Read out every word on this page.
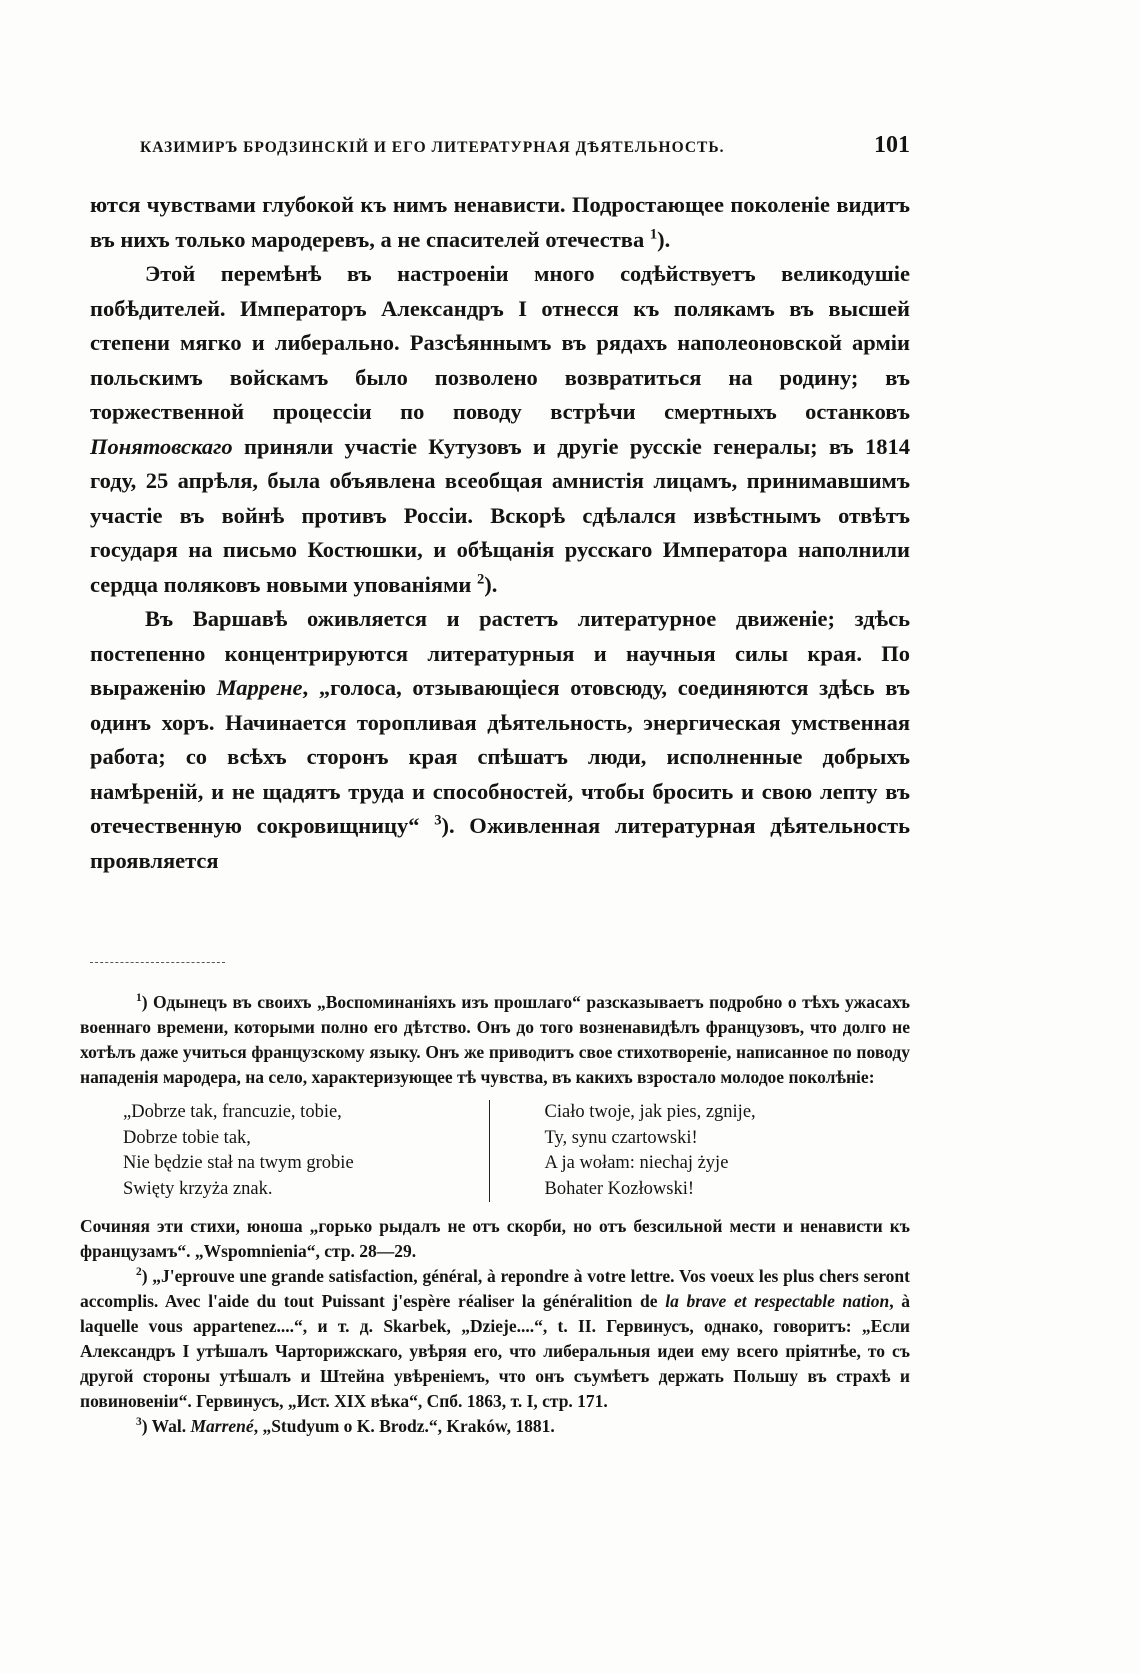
КАЗИМИРЪ БРОДЗИНСКІЙ И ЕГО ЛИТЕРАТУРНАЯ ДѢЯТЕЛЬНОСТЬ.	101

ются чувствами глубокой къ нимъ ненависти. Подростающее поколеніе видитъ въ нихъ только мародеревъ, а не спасителей отечества $^1$).

Этой перемѣнѣ въ настроеніи много содѣйствуетъ великодушіе побѣдителей. Императоръ Александръ I отнесся къ полякамъ въ высшей степени мягко и либерально. Разсѣяннымъ въ рядахъ наполеоновской арміи польскимъ войскамъ было позволено возвратиться на родину; въ торжественной процессіи по поводу встрѣчи смертныхъ останковъ Понятовскаго приняли участіе Кутузовъ и другіе русскіе генералы; въ 1814 году, 25 апрѣля, была объявлена всеобщая амнистія лицамъ, принимавшимъ участіе въ войнѣ противъ Россіи. Вскорѣ сдѣлался извѣстнымъ отвѣтъ государя на письмо Костюшки, и обѣщанія русскаго Императора наполнили сердца поляковъ новыми упованіями $^2$).

Въ Варшавѣ оживляется и растетъ литературное движеніе; здѣсь постепенно концентрируются литературныя и научныя силы края. По выраженію Маррене, „голоса, отзывающіеся отовсюду, соединяются здѣсь въ одинъ хоръ. Начинается торопливая дѣятельность, энергическая умственная работа; со всѣхъ сторонъ края спѣшатъ люди, исполненные добрыхъ намѣреній, и не щадятъ труда и способностей, чтобы бросить и свою лепту въ отечественную сокровищницу“ $^3$). Оживленная литературная дѣятельность проявляется

$^1$) Одынецъ въ своихъ „Воспоминаніяхъ изъ прошлаго“ разсказываетъ подробно о тѣхъ ужасахъ военнаго времени, которыми полно его дѣтство. Онъ до того возненавидѣлъ французовъ, что долго не хотѣлъ даже учиться французскому языку. Онъ же приводитъ свое стихотвореніе, написанное по поводу нападенія мародера, на село, характеризующее тѣ чувства, въ какихъ взростало молодое поколѣніе:

„Dobrze tak, francuzie, tobie,
Dobrze tobie tak,
Nie będzie stał na twym grobie
Swięty krzyża znak.
Ciało twoje, jak pies, zgnije,
Ty, synu czartowski!
A ja wołam: niechaj żyje
Bohater Kozłowski!

Сочиняя эти стихи, юноша „горько рыдалъ не отъ скорби, но отъ безсильной мести и ненависти къ французамъ“. „Wspomnienia“, стр. 28—29.

$^2$) „J'eprouve une grande satisfaction, général, à repondre à votre lettre. Vos voeux les plus chers seront accomplis. Avec l'aide du tout Puissant j'espère réaliser la généralition de la brave et respectable nation, à laquelle vous appartenez....“, и т. д. Skarbek, „Dzieje....“, t. II. Гервинусъ, однако, говоритъ: „Если Александръ I утѣшалъ Чарторижскаго, увѣряя его, что либеральныя идеи ему всего пріятнѣе, то съ другой стороны утѣшалъ и Штейна увѣреніемъ, что онъ съумѣетъ держать Польшу въ страхѣ и повиновеніи“. Гервинусъ, „Ист. XIX вѣка“, Спб. 1863, т. I, стр. 171.

$^3$) Wal. Marrené, „Studyum o K. Brodz.“, Kraków, 1881.
